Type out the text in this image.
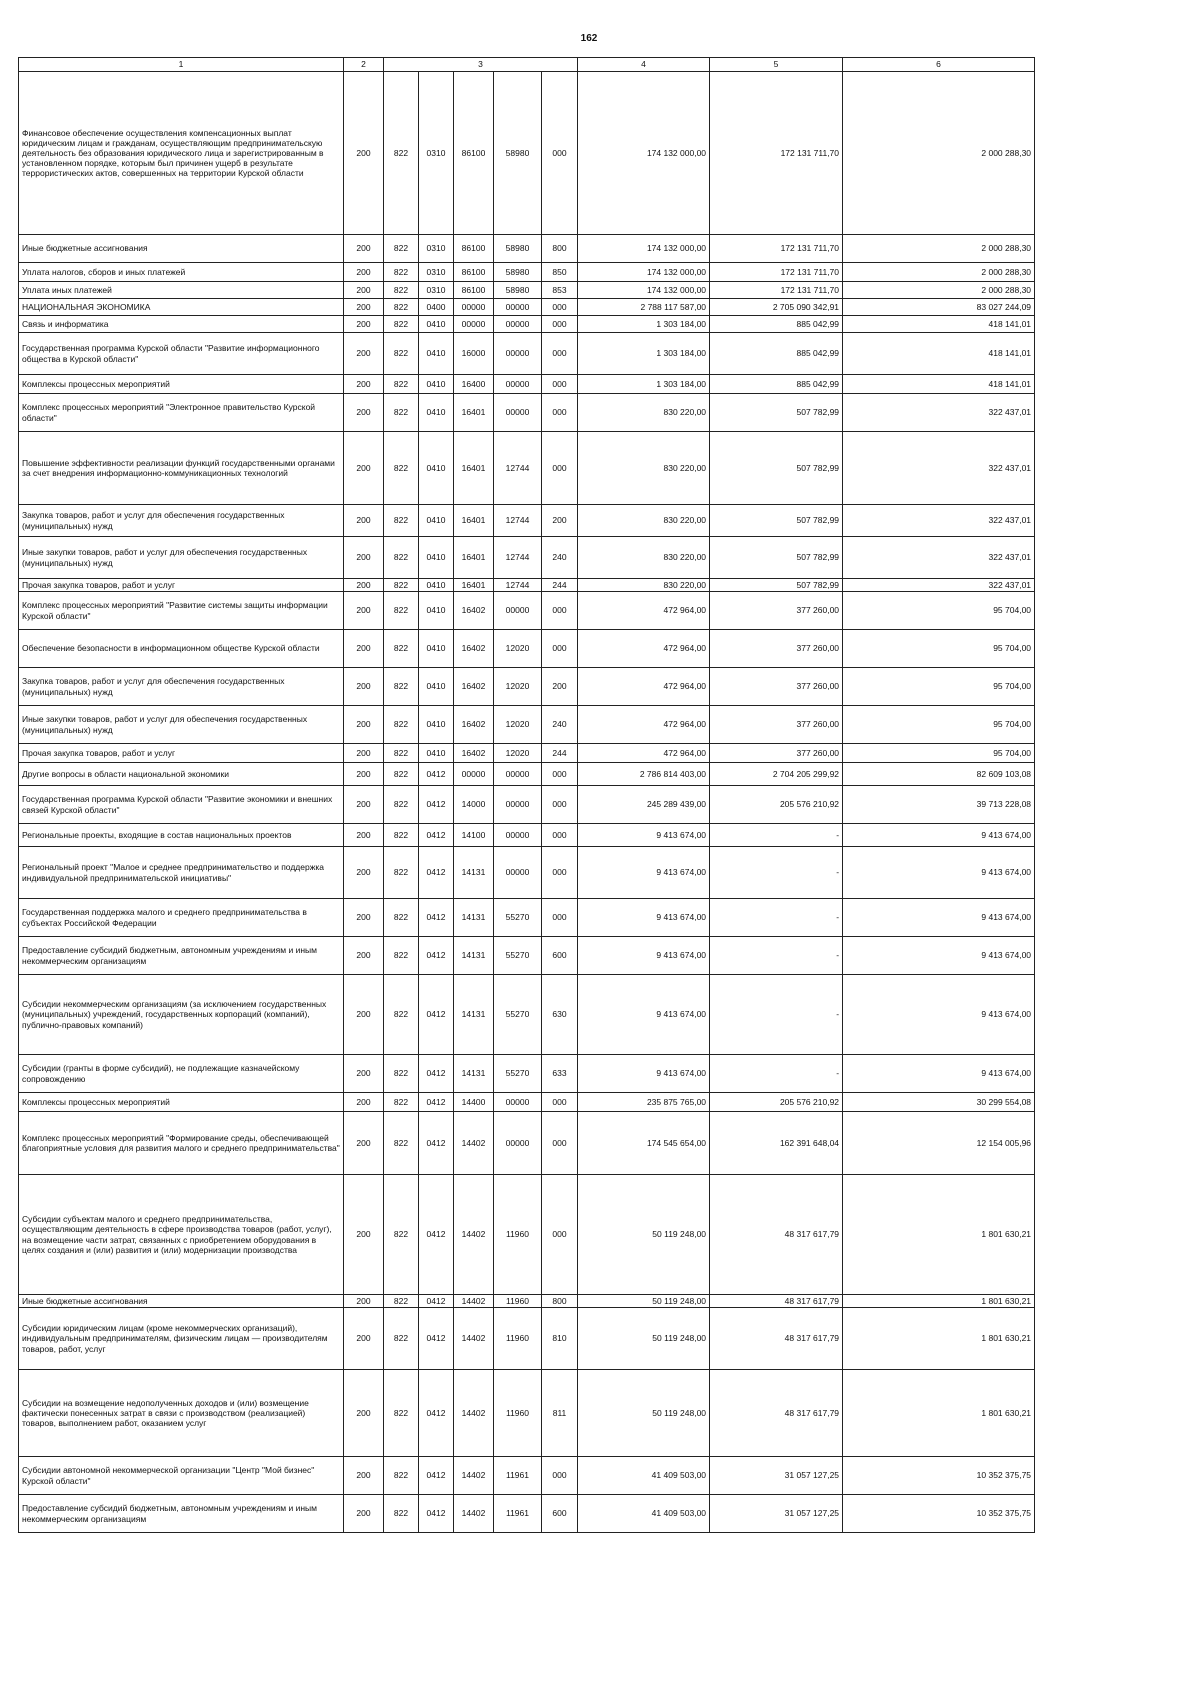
162
1	2	3					4	5	6
Финансовое обеспечение осуществления компенсационных выплат юридическим лицам и гражданам, осуществляющим предпринимательскую деятельность без образования юридического лица и зарегистрированным в установленном порядке, которым был причинен ущерб в результате террористических актов, совершенных на территории Курской области	200	822	0310	86100	58980	000	174 132 000,00	172 131 711,70	2 000 288,30
Иные бюджетные ассигнования	200	822	0310	86100	58980	800	174 132 000,00	172 131 711,70	2 000 288,30
Уплата налогов, сборов и иных платежей	200	822	0310	86100	58980	850	174 132 000,00	172 131 711,70	2 000 288,30
Уплата иных платежей	200	822	0310	86100	58980	853	174 132 000,00	172 131 711,70	2 000 288,30
НАЦИОНАЛЬНАЯ ЭКОНОМИКА	200	822	0400	00000	00000	000	2 788 117 587,00	2 705 090 342,91	83 027 244,09
Связь и информатика	200	822	0410	00000	00000	000	1 303 184,00	885 042,99	418 141,01
Государственная программа Курской области "Развитие информационного общества в Курской области"	200	822	0410	16000	00000	000	1 303 184,00	885 042,99	418 141,01
Комплексы процессных мероприятий	200	822	0410	16400	00000	000	1 303 184,00	885 042,99	418 141,01
Комплекс процессных мероприятий "Электронное правительство Курской области"	200	822	0410	16401	00000	000	830 220,00	507 782,99	322 437,01
Повышение эффективности реализации функций государственными органами за счет внедрения информационно-коммуникационных технологий	200	822	0410	16401	12744	000	830 220,00	507 782,99	322 437,01
Закупка товаров, работ и услуг для обеспечения государственных (муниципальных) нужд	200	822	0410	16401	12744	200	830 220,00	507 782,99	322 437,01
Иные закупки товаров, работ и услуг для обеспечения государственных (муниципальных) нужд	200	822	0410	16401	12744	240	830 220,00	507 782,99	322 437,01
Прочая закупка товаров, работ и услуг	200	822	0410	16401	12744	244	830 220,00	507 782,99	322 437,01
Комплекс процессных мероприятий "Развитие системы защиты информации Курской области"	200	822	0410	16402	00000	000	472 964,00	377 260,00	95 704,00
Обеспечение безопасности в информационном обществе Курской области	200	822	0410	16402	12020	000	472 964,00	377 260,00	95 704,00
Закупка товаров, работ и услуг для обеспечения государственных (муниципальных) нужд	200	822	0410	16402	12020	200	472 964,00	377 260,00	95 704,00
Иные закупки товаров, работ и услуг для обеспечения государственных (муниципальных) нужд	200	822	0410	16402	12020	240	472 964,00	377 260,00	95 704,00
Прочая закупка товаров, работ и услуг	200	822	0410	16402	12020	244	472 964,00	377 260,00	95 704,00
Другие вопросы в области национальной экономики	200	822	0412	00000	00000	000	2 786 814 403,00	2 704 205 299,92	82 609 103,08
Государственная программа Курской области "Развитие экономики и внешних связей Курской области"	200	822	0412	14000	00000	000	245 289 439,00	205 576 210,92	39 713 228,08
Региональные проекты, входящие в состав национальных проектов	200	822	0412	14100	00000	000	9 413 674,00	-	9 413 674,00
Региональный проект "Малое и среднее предпринимательство и поддержка индивидуальной предпринимательской инициативы"	200	822	0412	14131	00000	000	9 413 674,00	-	9 413 674,00
Государственная поддержка малого и среднего предпринимательства в субъектах Российской Федерации	200	822	0412	14131	55270	000	9 413 674,00	-	9 413 674,00
Предоставление субсидий бюджетным, автономным учреждениям и иным некоммерческим организациям	200	822	0412	14131	55270	600	9 413 674,00	-	9 413 674,00
Субсидии некоммерческим организациям (за исключением государственных (муниципальных) учреждений, государственных корпораций (компаний), публично-правовых компаний)	200	822	0412	14131	55270	630	9 413 674,00	-	9 413 674,00
Субсидии (гранты в форме субсидий), не подлежащие казначейскому сопровождению	200	822	0412	14131	55270	633	9 413 674,00	-	9 413 674,00
Комплексы процессных мероприятий	200	822	0412	14400	00000	000	235 875 765,00	205 576 210,92	30 299 554,08
Комплекс процессных мероприятий "Формирование среды, обеспечивающей благоприятные условия для развития малого и среднего предпринимательства"	200	822	0412	14402	00000	000	174 545 654,00	162 391 648,04	12 154 005,96
Субсидии субъектам малого и среднего предпринимательства, осуществляющим деятельность в сфере производства товаров (работ, услуг), на возмещение части затрат, связанных с приобретением оборудования в целях создания и (или) развития и (или) модернизации производства	200	822	0412	14402	11960	000	50 119 248,00	48 317 617,79	1 801 630,21
Иные бюджетные ассигнования	200	822	0412	14402	11960	800	50 119 248,00	48 317 617,79	1 801 630,21
Субсидии юридическим лицам (кроме некоммерческих организаций), индивидуальным предпринимателям, физическим лицам — производителям товаров, работ, услуг	200	822	0412	14402	11960	810	50 119 248,00	48 317 617,79	1 801 630,21
Субсидии на возмещение недополученных доходов и (или) возмещение фактически понесенных затрат в связи с производством (реализацией) товаров, выполнением работ, оказанием услуг	200	822	0412	14402	11960	811	50 119 248,00	48 317 617,79	1 801 630,21
Субсидии автономной некоммерческой организации "Центр "Мой бизнес" Курской области"	200	822	0412	14402	11961	000	41 409 503,00	31 057 127,25	10 352 375,75
Предоставление субсидий бюджетным, автономным учреждениям и иным некоммерческим организациям	200	822	0412	14402	11961	600	41 409 503,00	31 057 127,25	10 352 375,75
